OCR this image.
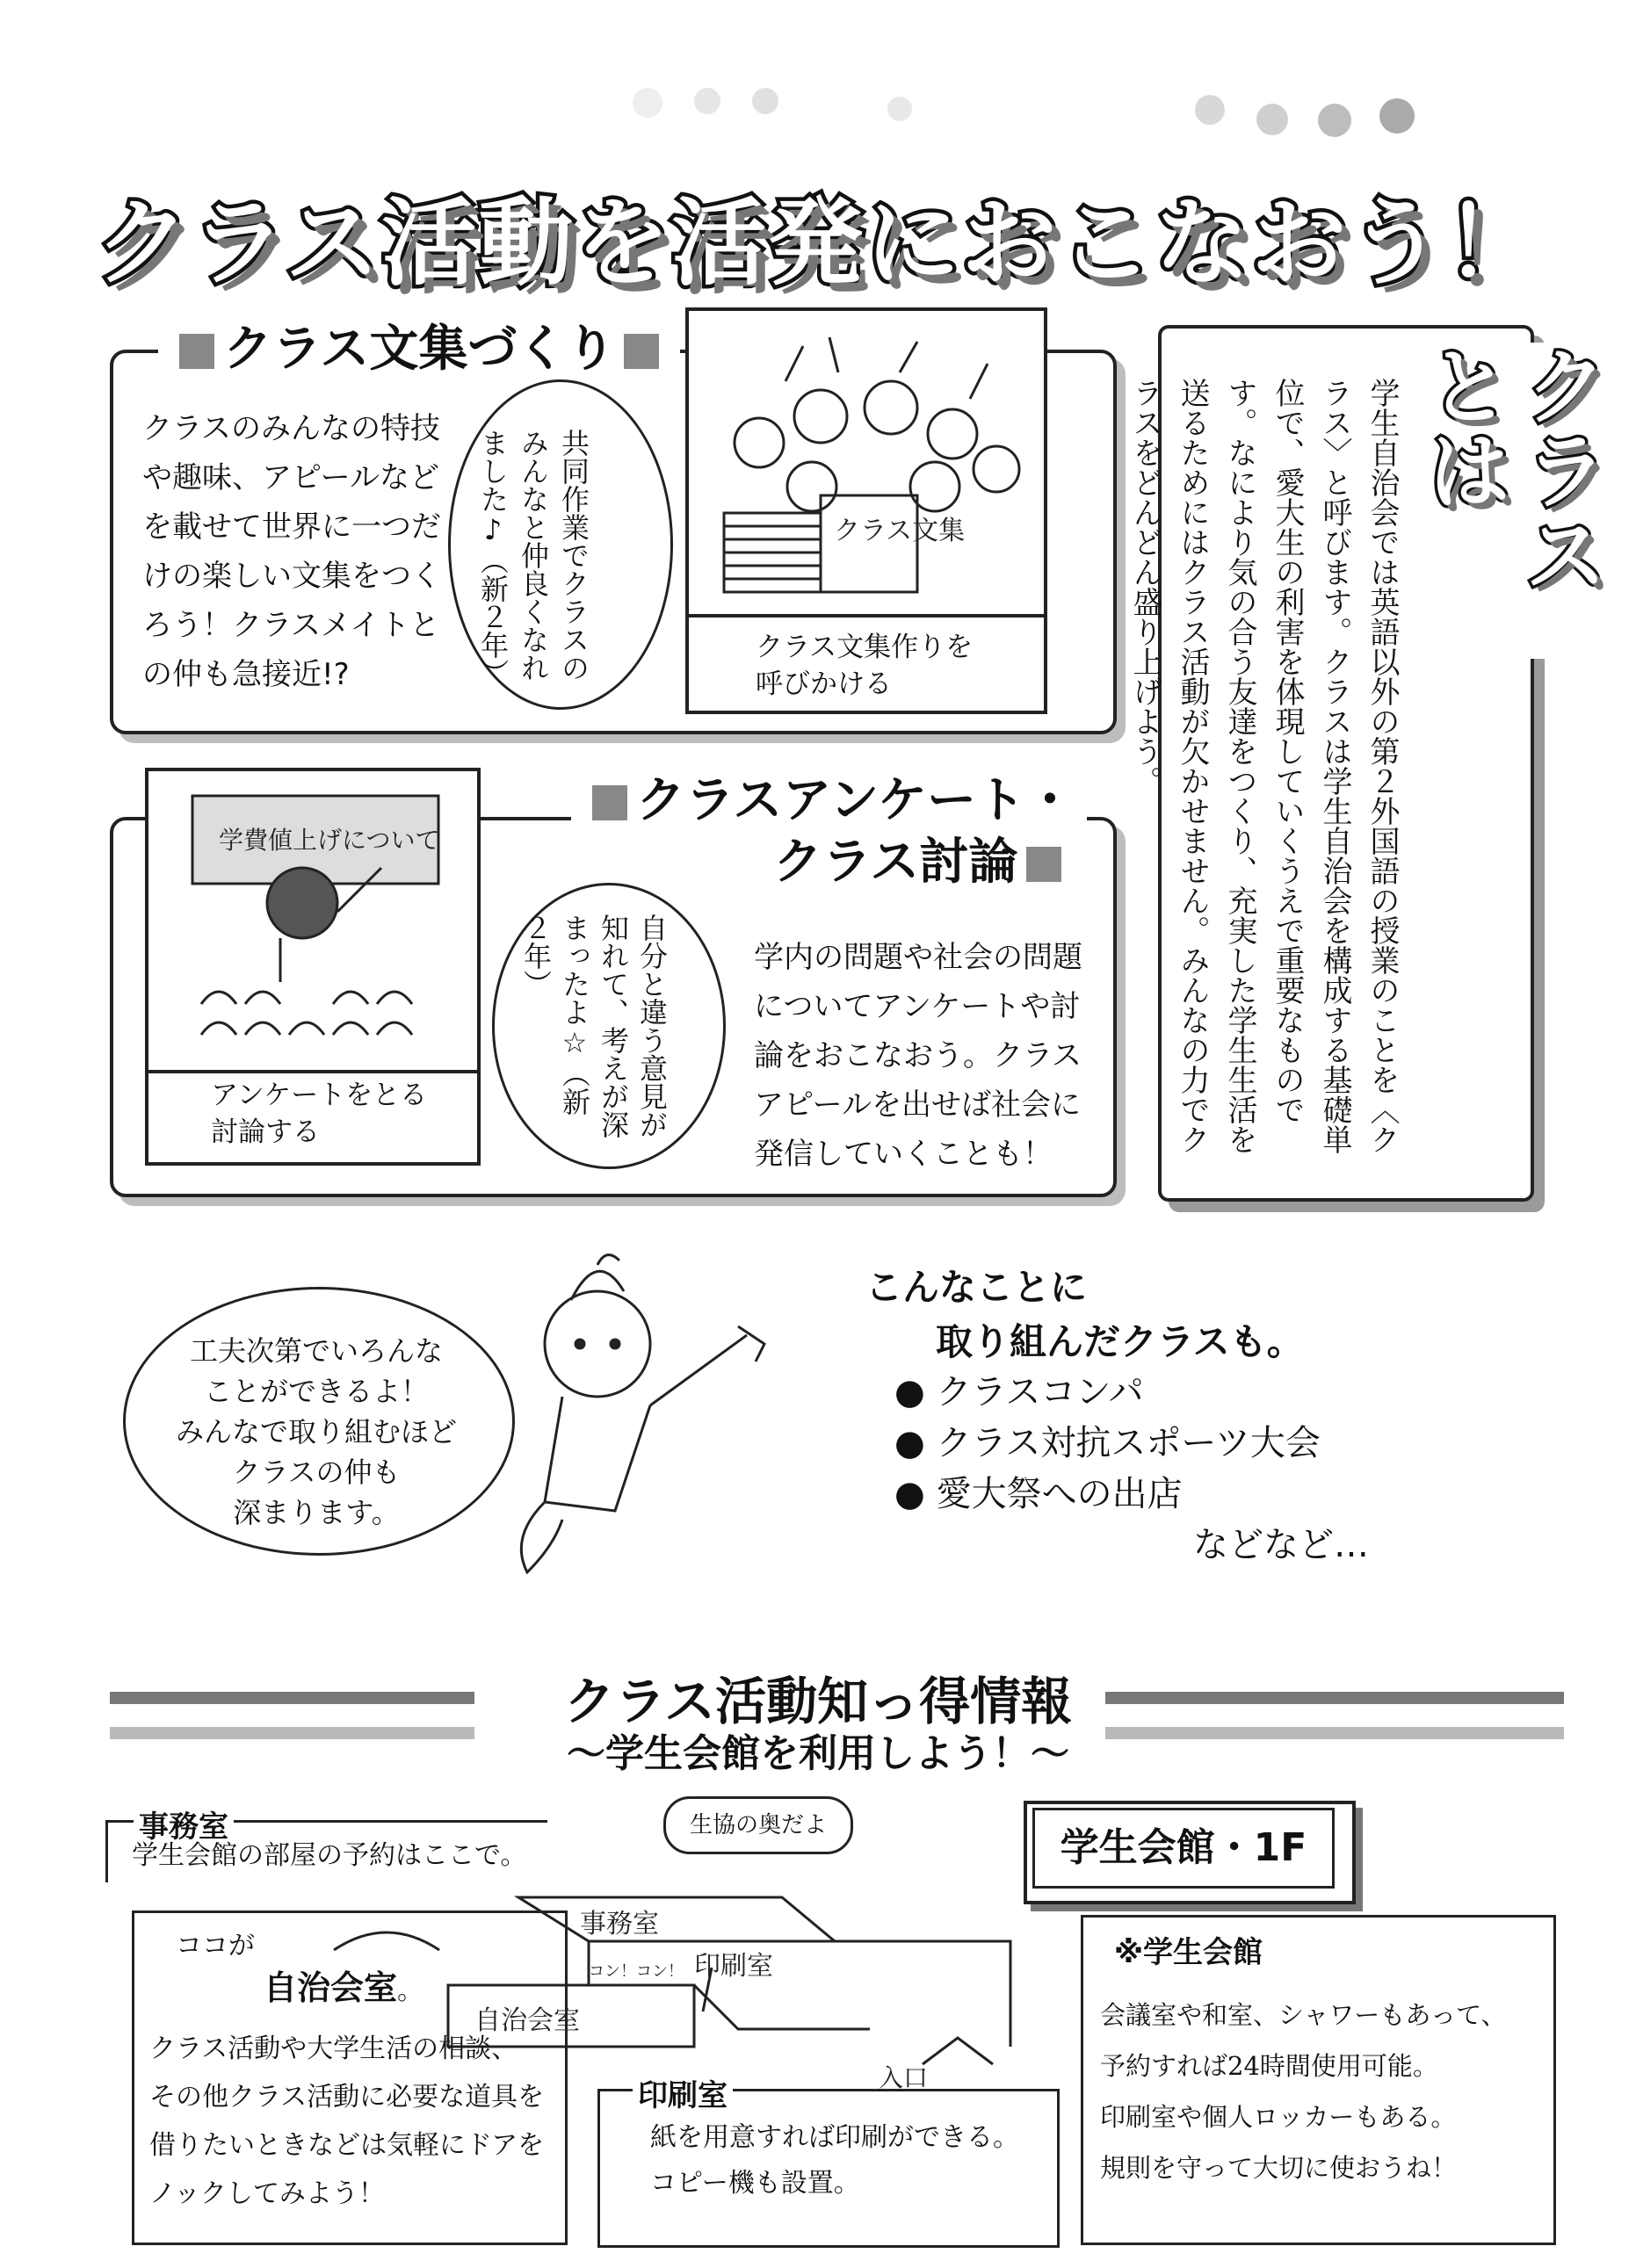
クラス活動を活発におこなおう！
クラス文集づくり
クラスのみんなの特技
や趣味、アピールなど
を載せて世界に一つだ
けの楽しい文集をつく
ろう！クラスメイトと
の仲も急接近!?	共同作業でクラスのみんなと仲良くなれました♪（新２年）	クラス文集
クラス文集作りを
呼びかける
学費値上げについて
アンケートをとる
討論する
クラスアンケート・
クラス討論
自分と違う意見が知れて、考えが深まったよ☆（新２年）	学内の問題や社会の問題
についてアンケートや討
論をおこなおう。クラス
アピールを出せば社会に
発信していくことも！
クラスとは
学生自治会では英語以外の第２外国語の授業のことを〈クラス〉と呼びます。クラスは学生自治会を構成する基礎単位で、愛大生の利害を体現していくうえで重要なものです。なにより気の合う友達をつくり、充実した学生生活を送るためにはクラス活動が欠かせません。みんなの力でクラスをどんどん盛り上げよう。
工夫次第でいろんな
ことができるよ！
みんなで取り組むほど
クラスの仲も
深まります。
こんなことに
取り組んだクラスも。
● クラスコンパ
● クラス対抗スポーツ大会
● 愛大祭への出店
などなど…
クラス活動知っ得情報
〜学生会館を利用しよう！〜
事務室
学生会館の部屋の予約はここで。
生協の奥だよ	学生会館・1F
事務室
印刷室
自治会室
コン！コン！
入口
ココが
自治会室。
クラス活動や大学生活の相談、
その他クラス活動に必要な道具を
借りたいときなどは気軽にドアを
ノックしてみよう！
印刷室
紙を用意すれば印刷ができる。
コピー機も設置。
※学生会館
会議室や和室、シャワーもあって、
予約すれば24時間使用可能。
印刷室や個人ロッカーもある。
規則を守って大切に使おうね！
